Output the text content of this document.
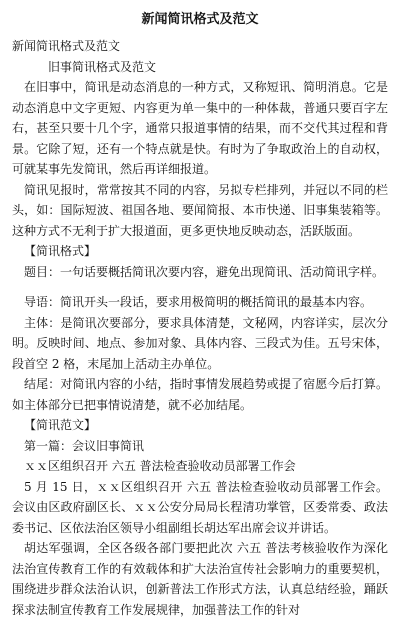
新闻简讯格式及范文

新闻简讯格式及范文

旧事简讯格式及范文

在旧事中，简讯是动态消息的一种方式，又称短讯、简明消息。它是动态消息中文字更短、内容更为单一集中的一种体裁，普通只要百字左右，甚至只要十几个字，通常只报道事情的结果，而不交代其过程和背景。它除了短，还有一个特点就是快。有时为了争取政治上的自动权，可就某事先发简讯，然后再详细报道。

简讯见报时，常常按其不同的内容，另拟专栏排列，并冠以不同的栏头，如：国际短波、祖国各地、要闻简报、本市快递、旧事集装箱等。这种方式不无利于扩大报道面，更多更快地反映动态，活跃版面。

【简讯格式】

题目：一句话要概括简讯次要内容，避免出现简讯、活动简讯字样。

导语：简讯开头一段话，要求用极简明的概括简讯的最基本内容。

主体：是简讯次要部分，要求具体清楚，文秘网，内容详实，层次分明。反映时间、地点、参加对象、具体内容、三段式为佳。五号宋体，段首空 2 格，末尾加上活动主办单位。

结尾：对简讯内容的小结，指时事情发展趋势或提了宿愿今后打算。如主体部分已把事情说清楚，就不必加结尾。

【简讯范文】

第一篇：会议旧事简讯

ｘｘ区组织召开 六五 普法检查验收动员部署工作会

5 月 15 日，ｘｘ区组织召开 六五 普法检查验收动员部署工作会。会议由区政府副区长、ｘｘ公安分局局长程清功掌管，区委常委、政法委书记、区依法治区领导小组副组长胡达军出席会议并讲话。

胡达军强调，全区各级各部门要把此次 六五 普法考核验收作为深化法治宣传教育工作的有效载体和扩大法治宣传社会影响力的重要契机，围绕进步群众法治认识，创新普法工作形式方法，认真总结经验，踊跃探求法制宣传教育工作发展规律，加强普法工作的针对
